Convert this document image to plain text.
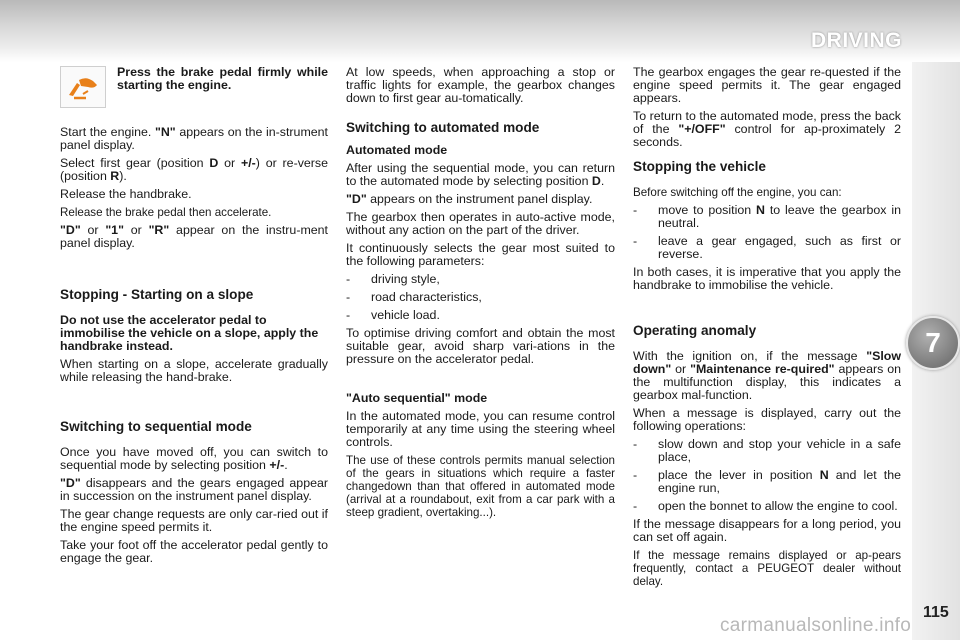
DRIVING
7
Press the brake pedal firmly while starting the engine.

Start the engine. "N" appears on the in-strument panel display.

Select first gear (position D or +/-) or re-verse (position R).

Release the handbrake.

Release the brake pedal then accelerate.

"D" or "1" or "R" appear on the instru-ment panel display.

Stopping - Starting on a slope
Do not use the accelerator pedal to immobilise the vehicle on a slope, apply the handbrake instead.

When starting on a slope, accelerate gradually while releasing the hand-brake.

Switching to sequential mode

Once you have moved off, you can switch to sequential mode by selecting position +/-.

"D" disappears and the gears engaged appear in succession on the instrument panel display.

The gear change requests are only car-ried out if the engine speed permits it.

Take your foot off the accelerator pedal gently to engage the gear.

At low speeds, when approaching a stop or traffic lights for example, the gearbox changes down to first gear au-tomatically.

Switching to automated mode
Automated mode

After using the sequential mode, you can return to the automated mode by selecting position D.

"D" appears on the instrument panel display.

The gearbox then operates in auto-active mode, without any action on the part of the driver.

It continuously selects the gear most suited to the following parameters:

-	driving style,
-	road characteristics,
-	vehicle load.

To optimise driving comfort and obtain the most suitable gear, avoid sharp vari-ations in the pressure on the accelerator pedal.

"Auto sequential" mode

In the automated mode, you can resume control temporarily at any time using the steering wheel controls.

The use of these controls permits manual selection of the gears in situations which require a faster changedown than that offered in automated mode (arrival at a roundabout, exit from a car park with a steep gradient, overtaking...).

The gearbox engages the gear re-quested if the engine speed permits it. The gear engaged appears.

To return to the automated mode, press the back of the "+/OFF" control for ap-proximately 2 seconds.

Stopping the vehicle

Before switching off the engine, you can:

-	move to position N to leave the gearbox in neutral.
-	leave a gear engaged, such as first or reverse.

In both cases, it is imperative that you apply the handbrake to immobilise the vehicle.

Operating anomaly

With the ignition on, if the message "Slow down" or "Maintenance re-quired" appears on the multifunction display, this indicates a gearbox mal-function.

When a message is displayed, carry out the following operations:

-	slow down and stop your vehicle in a safe place,
-	place the lever in position N and let the engine run,
-	open the bonnet to allow the engine to cool.

If the message disappears for a long period, you can set off again.

If the message remains displayed or ap-pears frequently, contact a PEUGEOT dealer without delay.

carmanualsonline.info
115
